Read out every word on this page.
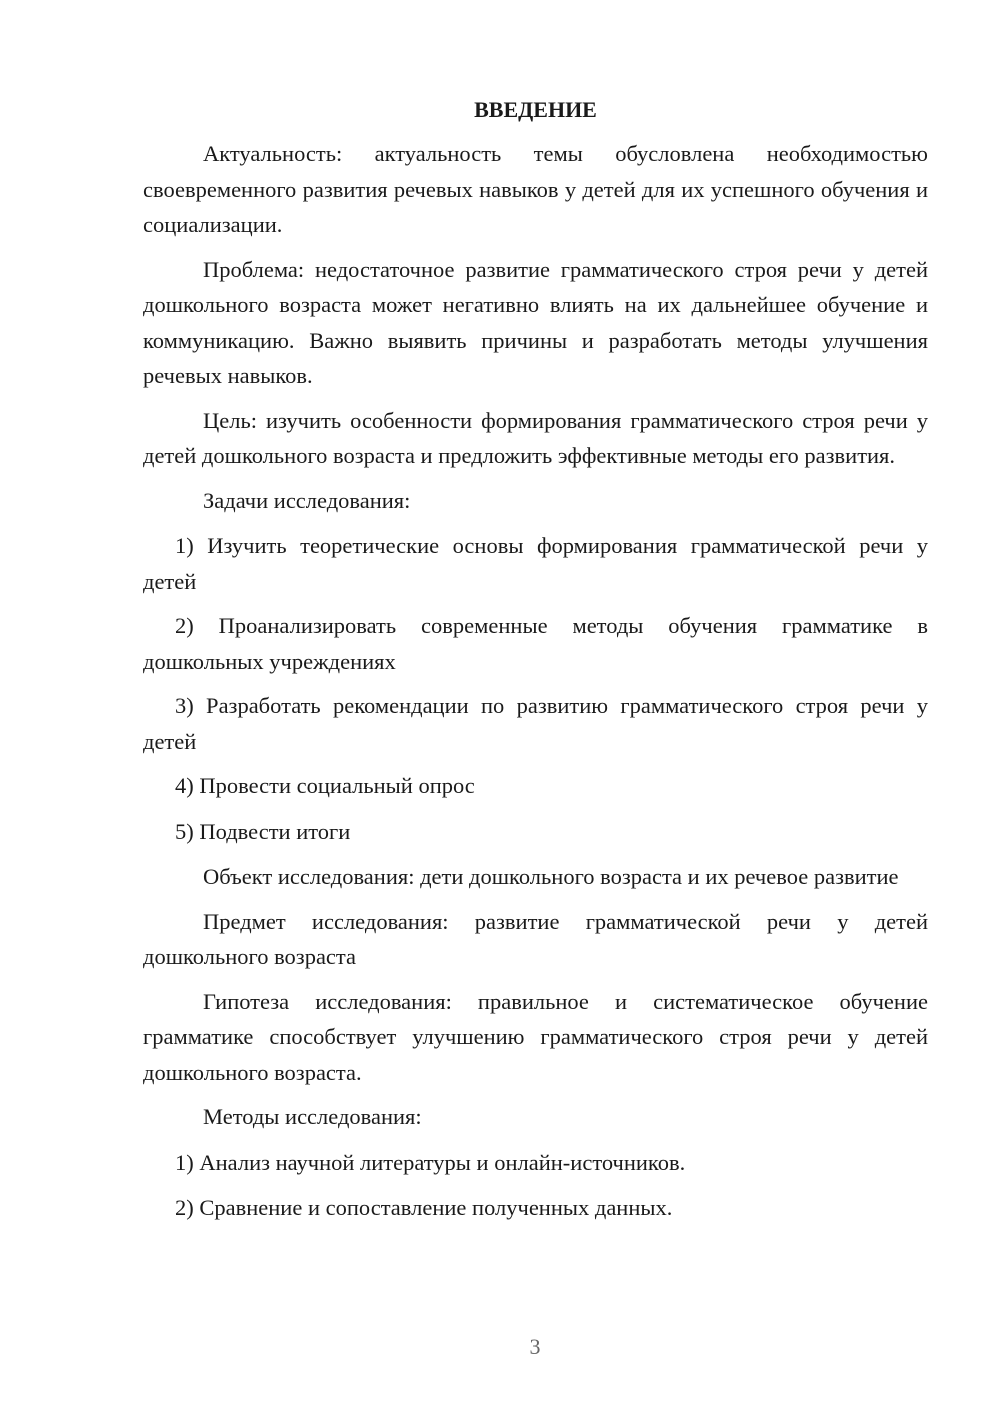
ВВЕДЕНИЕ

Актуальность: актуальность темы обусловлена необходимостью своевременного развития речевых навыков у детей для их успешного обучения и социализации.

Проблема: недостаточное развитие грамматического строя речи у детей дошкольного возраста может негативно влиять на их дальнейшее обучение и коммуникацию. Важно выявить причины и разработать методы улучшения речевых навыков.

Цель: изучить особенности формирования грамматического строя речи у детей дошкольного возраста и предложить эффективные методы его развития.

Задачи исследования:

1) Изучить теоретические основы формирования грамматической речи у детей

2) Проанализировать современные методы обучения грамматике в дошкольных учреждениях

3) Разработать рекомендации по развитию грамматического строя речи у детей

4) Провести социальный опрос

5) Подвести итоги

Объект исследования: дети дошкольного возраста и их речевое развитие

Предмет исследования: развитие грамматической речи у детей дошкольного возраста

Гипотеза исследования: правильное и систематическое обучение грамматике способствует улучшению грамматического строя речи у детей дошкольного возраста.

Методы исследования:

1) Анализ научной литературы и онлайн-источников.

2) Сравнение и сопоставление полученных данных.

3
